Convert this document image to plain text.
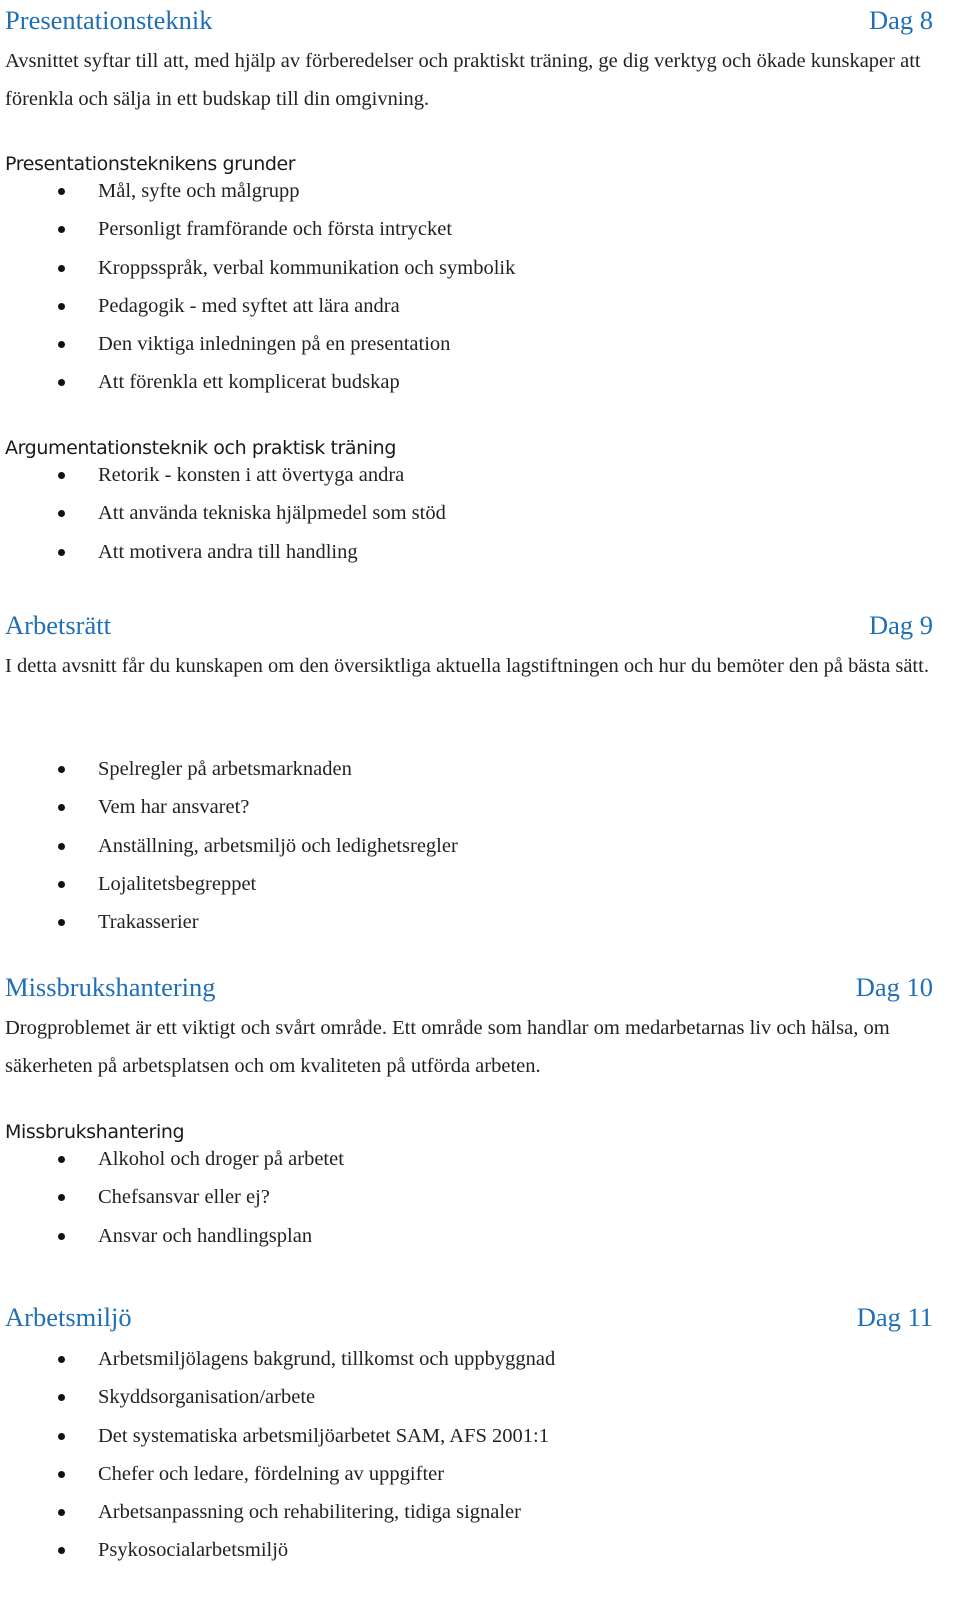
Presentationsteknik	Dag 8

Avsnittet syftar till att, med hjälp av förberedelser och praktiskt träning, ge dig verktyg och ökade kunskaper att förenkla och sälja in ett budskap till din omgivning.

Presentationsteknikens grunder
Mål, syfte och målgrupp
Personligt framförande och första intrycket
Kroppsspråk, verbal kommunikation och symbolik
Pedagogik - med syftet att lära andra
Den viktiga inledningen på en presentation
Att förenkla ett komplicerat budskap
Argumentationsteknik och praktisk träning
Retorik - konsten i att övertyga andra
Att använda tekniska hjälpmedel som stöd
Att motivera andra till handling
Arbetsrätt	Dag 9

I detta avsnitt får du kunskapen om den översiktliga aktuella lagstiftningen och hur du bemöter den på bästa sätt.

Spelregler på arbetsmarknaden
Vem har ansvaret?
Anställning, arbetsmiljö och ledighetsregler
Lojalitetsbegreppet
Trakasserier
Missbrukshantering	Dag 10

Drogproblemet är ett viktigt och svårt område. Ett område som handlar om medarbetarnas liv och hälsa, om säkerheten på arbetsplatsen och om kvaliteten på utförda arbeten.

Missbrukshantering
Alkohol och droger på arbetet
Chefsansvar eller ej?
Ansvar och handlingsplan
Arbetsmiljö	Dag 11
Arbetsmiljölagens bakgrund, tillkomst och uppbyggnad
Skyddsorganisation/arbete
Det systematiska arbetsmiljöarbetet SAM, AFS 2001:1
Chefer och ledare, fördelning av uppgifter
Arbetsanpassning och rehabilitering, tidiga signaler
Psykosocialarbetsmiljö
